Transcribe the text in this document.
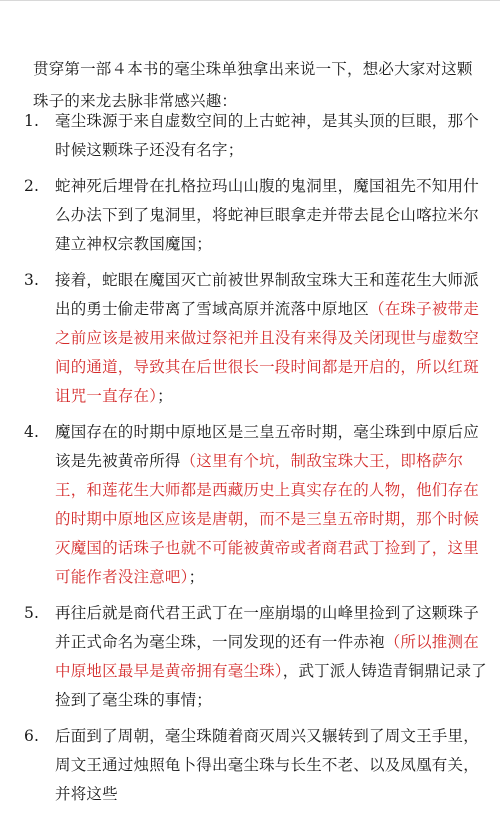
贯穿第一部４本书的毫尘珠单独拿出来说一下，想必大家对这颗珠子的来龙去脉非常感兴趣：

1. 毫尘珠源于来自虚数空间的上古蛇神，是其头顶的巨眼，那个时候这颗珠子还没有名字；
2. 蛇神死后埋骨在扎格拉玛山山腹的鬼洞里，魔国祖先不知用什么办法下到了鬼洞里，将蛇神巨眼拿走并带去昆仑山喀拉米尔建立神权宗教国魔国；
3. 接着，蛇眼在魔国灭亡前被世界制敌宝珠大王和莲花生大师派出的勇士偷走带离了雪域高原并流落中原地区（在珠子被带走之前应该是被用来做过祭祀并且没有来得及关闭现世与虚数空间的通道，导致其在后世很长一段时间都是开启的，所以红斑诅咒一直存在）；
4. 魔国存在的时期中原地区是三皇五帝时期，毫尘珠到中原后应该是先被黄帝所得（这里有个坑，制敌宝珠大王，即格萨尔王，和莲花生大师都是西藏历史上真实存在的人物，他们存在的时期中原地区应该是唐朝，而不是三皇五帝时期，那个时候灭魔国的话珠子也就不可能被黄帝或者商君武丁捡到了，这里可能作者没注意吧）；
5. 再往后就是商代君王武丁在一座崩塌的山峰里捡到了这颗珠子并正式命名为毫尘珠，一同发现的还有一件赤袍（所以推测在中原地区最早是黄帝拥有毫尘珠），武丁派人铸造青铜鼎记录了捡到了毫尘珠的事情；
6. 后面到了周朝，毫尘珠随着商灭周兴又辗转到了周文王手里，周文王通过烛照龟卜得出毫尘珠与长生不老、以及凤凰有关，并将这些
